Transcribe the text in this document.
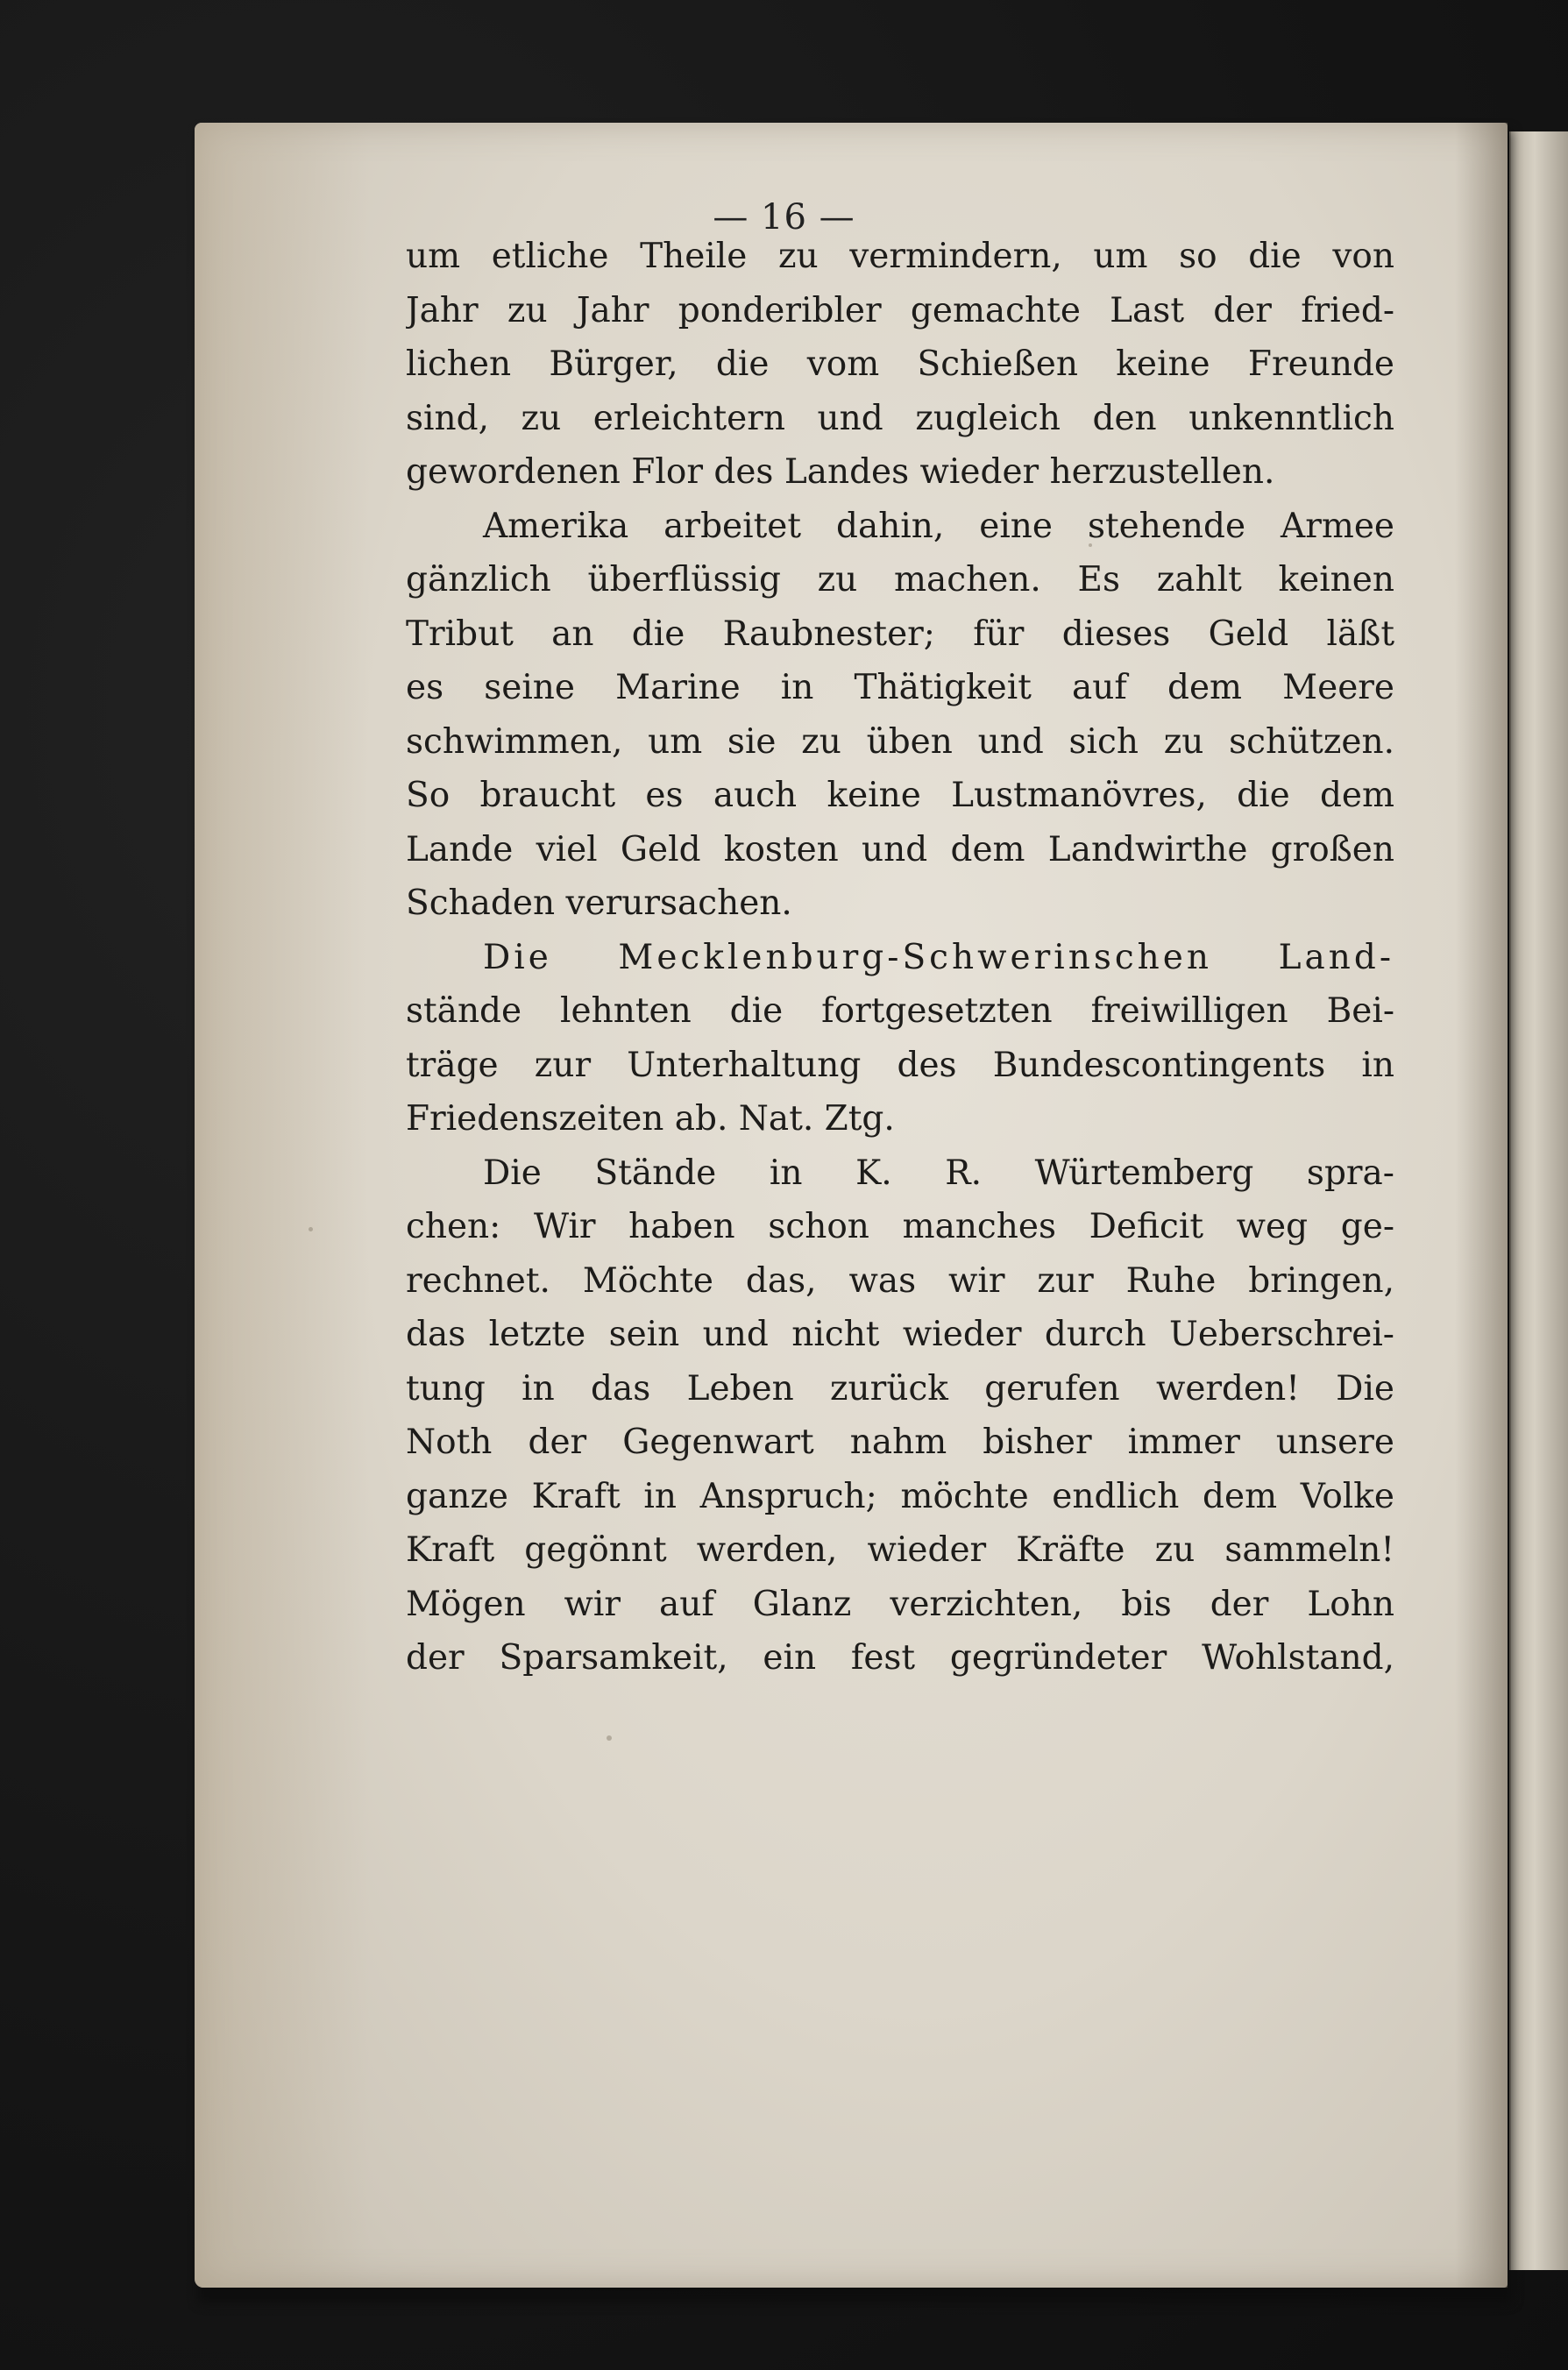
— 16 —
um etliche Theile zu vermindern, um so die von
Jahr zu Jahr ponderibler gemachte Last der fried-
lichen Bürger, die vom Schießen keine Freunde
sind, zu erleichtern und zugleich den unkenntlich
gewordenen Flor des Landes wieder herzustellen.
Amerika arbeitet dahin, eine stehende Armee
gänzlich überflüssig zu machen. Es zahlt keinen
Tribut an die Raubnester; für dieses Geld läßt
es seine Marine in Thätigkeit auf dem Meere
schwimmen, um sie zu üben und sich zu schützen.
So braucht es auch keine Lustmanövres, die dem
Lande viel Geld kosten und dem Landwirthe großen
Schaden verursachen.
Die Mecklenburg-Schwerinschen Land-
stände lehnten die fortgesetzten freiwilligen Bei-
träge zur Unterhaltung des Bundescontingents in
Friedenszeiten ab. Nat. Ztg.
Die Stände in K. R. Würtemberg spra-
chen: Wir haben schon manches Deficit weg ge-
rechnet. Möchte das, was wir zur Ruhe bringen,
das letzte sein und nicht wieder durch Ueberschrei-
tung in das Leben zurück gerufen werden! Die
Noth der Gegenwart nahm bisher immer unsere
ganze Kraft in Anspruch; möchte endlich dem Volke
Kraft gegönnt werden, wieder Kräfte zu sammeln!
Mögen wir auf Glanz verzichten, bis der Lohn
der Sparsamkeit, ein fest gegründeter Wohlstand,
